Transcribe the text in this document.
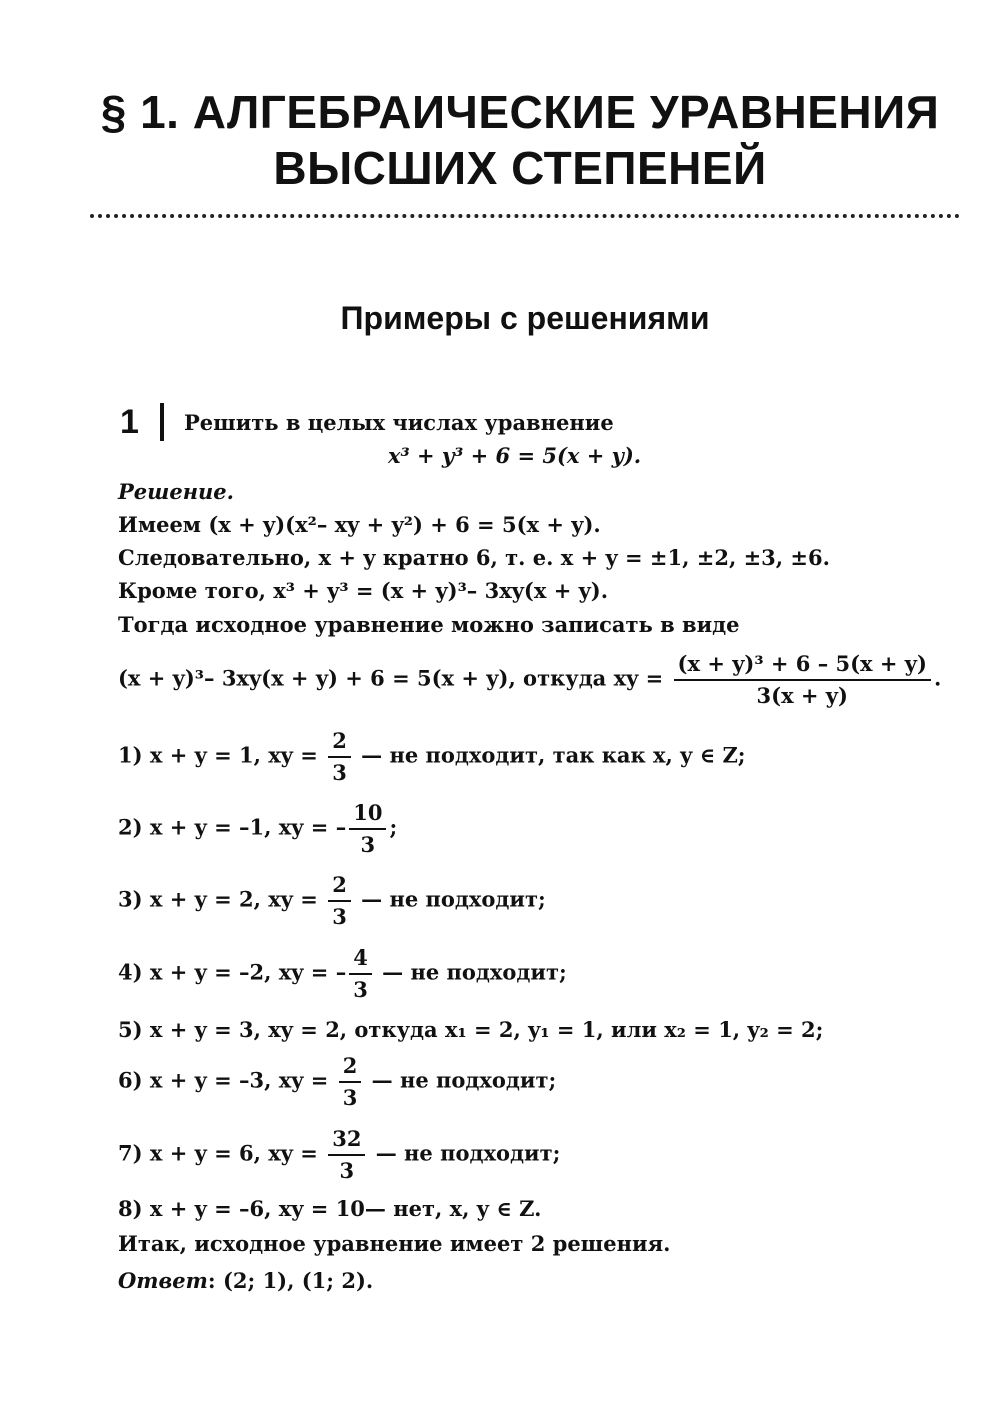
§ 1. АЛГЕБРАИЧЕСКИЕ УРАВНЕНИЯ
ВЫСШИХ СТЕПЕНЕЙ
Примеры с решениями
1 Решить в целых числах уравнение
x³ + y³ + 6 = 5(x + y).
Решение.
Имеем (x + y)(x²– xy + y²) + 6 = 5(x + y).
Следовательно, x + y кратно 6, т. е. x + y = ±1, ±2, ±3, ±6.
Кроме того, x³ + y³ = (x + y)³– 3xy(x + y).
Тогда исходное уравнение можно записать в виде
(x + y)³– 3xy(x + y) + 6 = 5(x + y), откуда xy = $\frac{\text{(x + y)³ + 6 – 5(x + y)}}{3(x + y)}$ .
1) x + y = 1, xy = $\frac{2}{3}$ — не подходит, так как x, y ∈ Z;
2) x + y = –1, xy = – $\frac{10}{3}$ ;
3) x + y = 2, xy = $\frac{2}{3}$ — не подходит;
4) x + y = –2, xy = – $\frac{4}{3}$ — не подходит;
5) x + y = 3, xy = 2, откуда x₁ = 2, y₁ = 1, или x₂ = 1, y₂ = 2;
6) x + y = –3, xy = $\frac{2}{3}$ — не подходит;
7) x + y = 6, xy = $\frac{32}{3}$ — не подходит;
8) x + y = –6, xy = 10— нет, x, y ∈ Z.
Итак, исходное уравнение имеет 2 решения.
Ответ: (2; 1), (1; 2).
